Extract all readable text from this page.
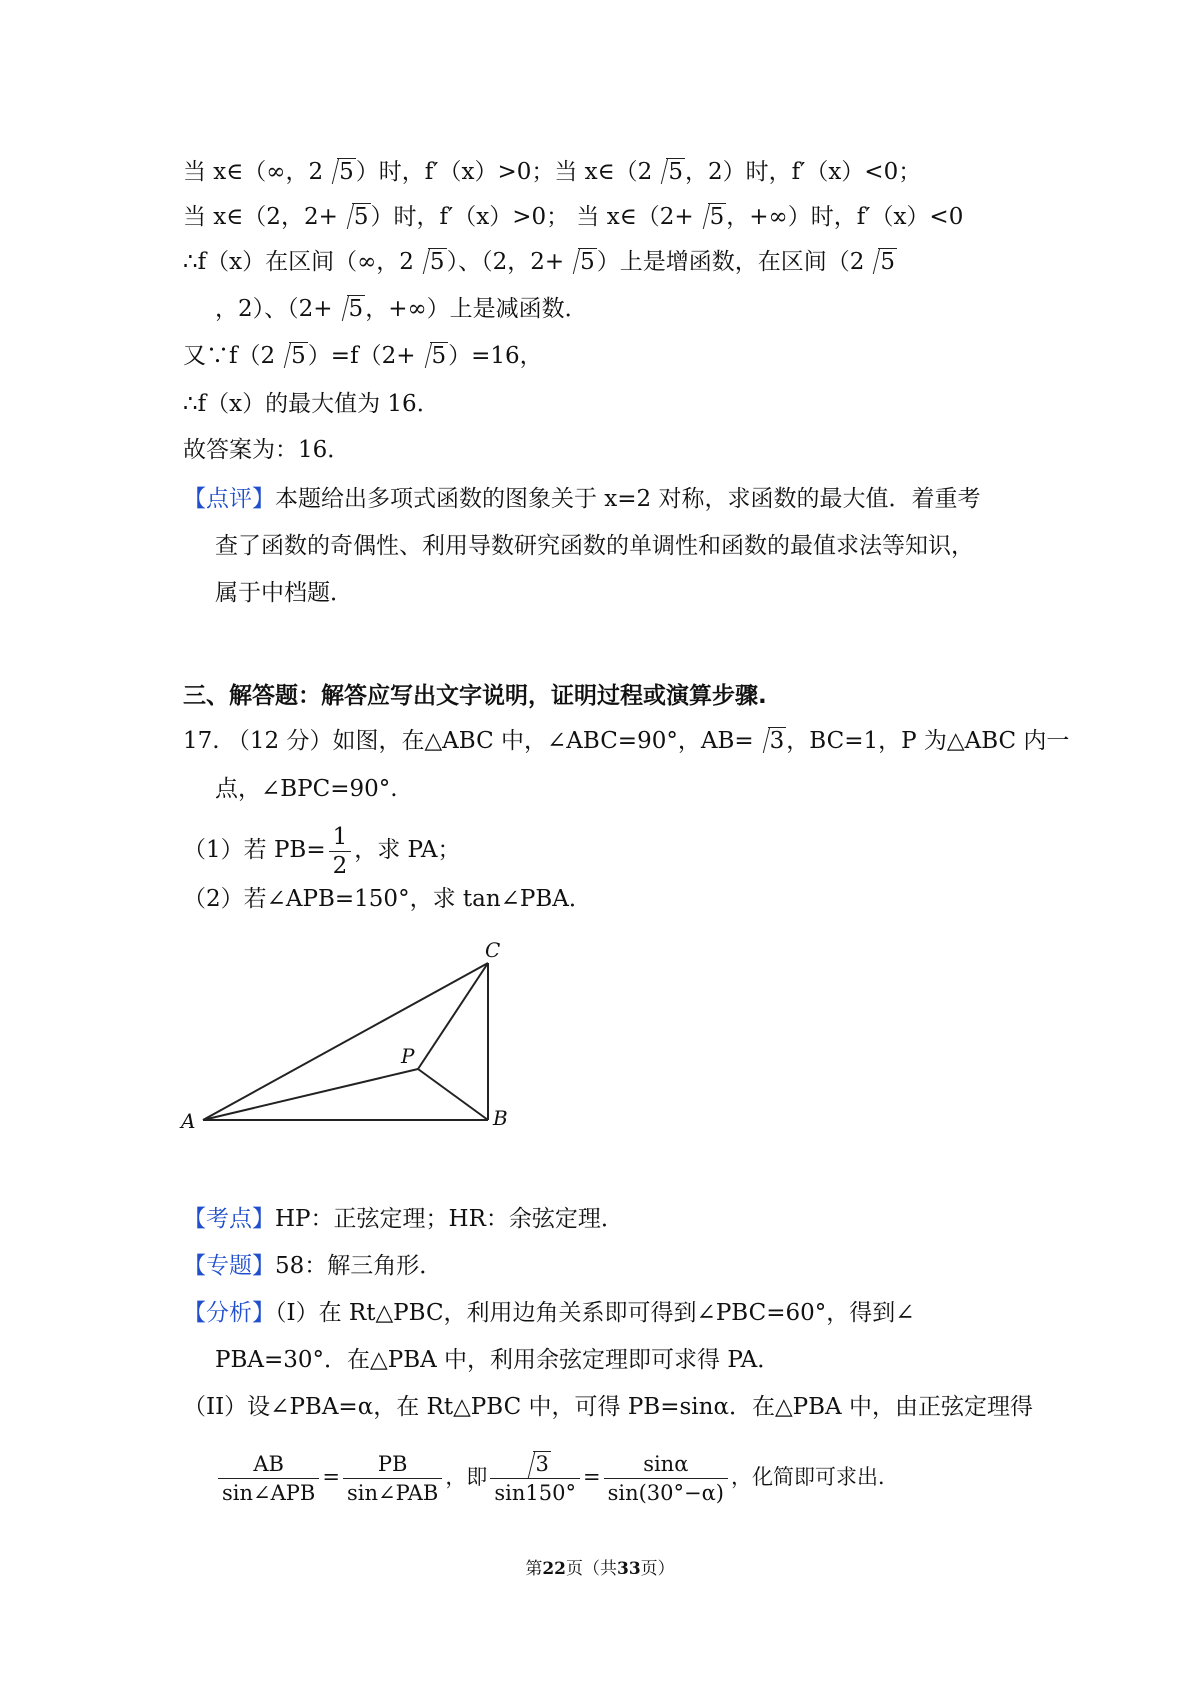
当 x∈（﻿﻿﻿∞，﻿2﻿5）时，f′（x）>0；当 x∈（﻿2﻿5，﻿2）时，f′（x）<0；
当 x∈（﻿2，﻿2+ 5）时，f′（x）>0； 当 x∈（﻿2+ 5，+∞）时，f′（x）<0
∴f（x）在区间（﻿∞，﻿2﻿5）、（﻿2，﻿2+ 5）上是增函数，在区间（﻿2﻿5
，﻿2）、（﻿2+ 5，+∞）上是减函数．
又∵f（﻿2﻿5）=f（﻿2+ 5）=16，
∴f（x）的最大值为 16．
故答案为：16．
【点评】本题给出多项式函数的图象关于 x=﻿2 对称，求函数的最大值．着重考
查了函数的奇偶性、利用导数研究函数的单调性和函数的最值求法等知识，
属于中档题．
三、解答题：解答应写出文字说明，证明过程或演算步骤.
17. （12 分）如图，在△ABC 中，∠ABC=90°，AB= 3，BC=1，P 为△ABC 内一
点，∠BPC=90°.
（1）若 $PB= \frac{1}{2}$ ，求 PA；
（2）若∠APB=150°，求 tan∠PBA．
A	B
C
P
【考点】HP：正弦定理；HR：余弦定理．
【专题】58：解三角形．
【分析】（I）在 Rt△PBC，利用边角关系即可得到∠PBC=60°，得到∠
PBA=30°．在△PBA 中，利用余弦定理即可求得 PA．
（II）设∠PBA=α，在 Rt△PBC 中，可得 PB=sinα．在△PBA 中，由正弦定理得
$\frac{AB}{\text{sin∠APB}} = \frac{PB}{\text{sin∠PAB}}$ ，即 $\frac{3}{\sin 150^\circ} = \frac{\sin\alpha}{\sin(30^\circ-\alpha)}$ ，化简即可求出．
第22页（共33页）
